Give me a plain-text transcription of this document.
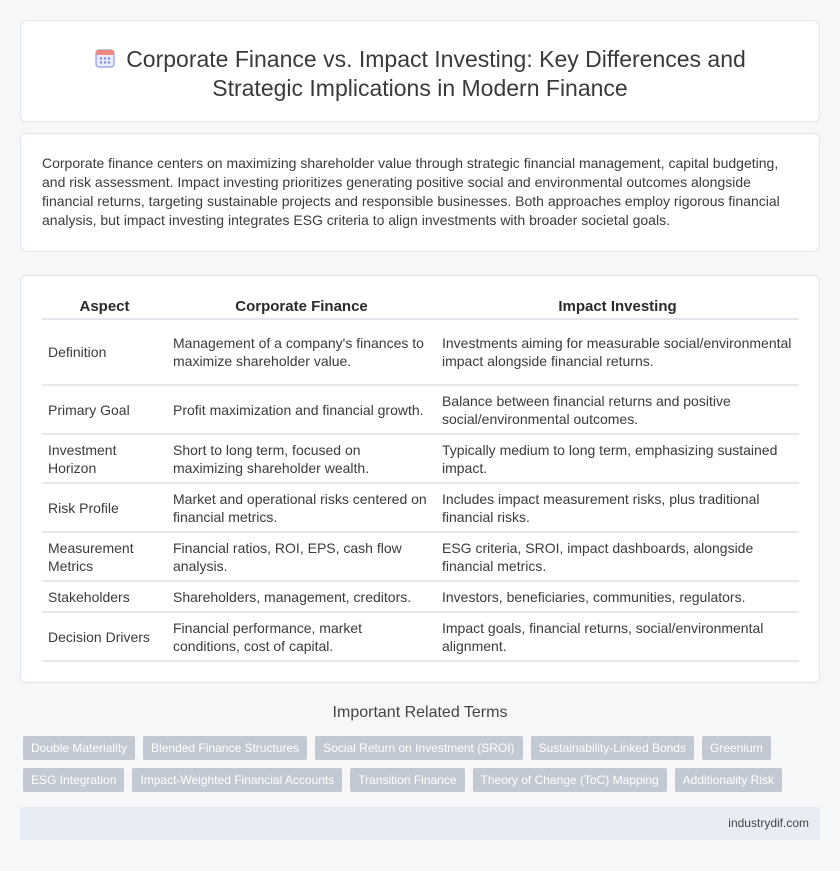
Corporate Finance vs. Impact Investing: Key Differences and
Strategic Implications in Modern Finance

Corporate finance centers on maximizing shareholder value through strategic financial management, capital budgeting, and risk assessment. Impact investing prioritizes generating positive social and environmental outcomes alongside financial returns, targeting sustainable projects and responsible businesses. Both approaches employ rigorous financial analysis, but impact investing integrates ESG criteria to align investments with broader societal goals.

Aspect	Corporate Finance	Impact Investing
Definition	Management of a company's finances to maximize shareholder value.	Investments aiming for measurable social/environmental impact alongside financial returns.
Primary Goal	Profit maximization and financial growth.	Balance between financial returns and positive social/environmental outcomes.
Investment Horizon	Short to long term, focused on maximizing shareholder wealth.	Typically medium to long term, emphasizing sustained impact.
Risk Profile	Market and operational risks centered on financial metrics.	Includes impact measurement risks, plus traditional financial risks.
Measurement Metrics	Financial ratios, ROI, EPS, cash flow analysis.	ESG criteria, SROI, impact dashboards, alongside financial metrics.
Stakeholders	Shareholders, management, creditors.	Investors, beneficiaries, communities, regulators.
Decision Drivers	Financial performance, market conditions, cost of capital.	Impact goals, financial returns, social/environmental alignment.
Important Related Terms
Double Materiality	Blended Finance Structures	Social Return on Investment (SROI)	Sustainability-Linked Bonds	Greenium
ESG Integration	Impact-Weighted Financial Accounts	Transition Finance	Theory of Change (ToC) Mapping	Additionality Risk
industrydif.com
